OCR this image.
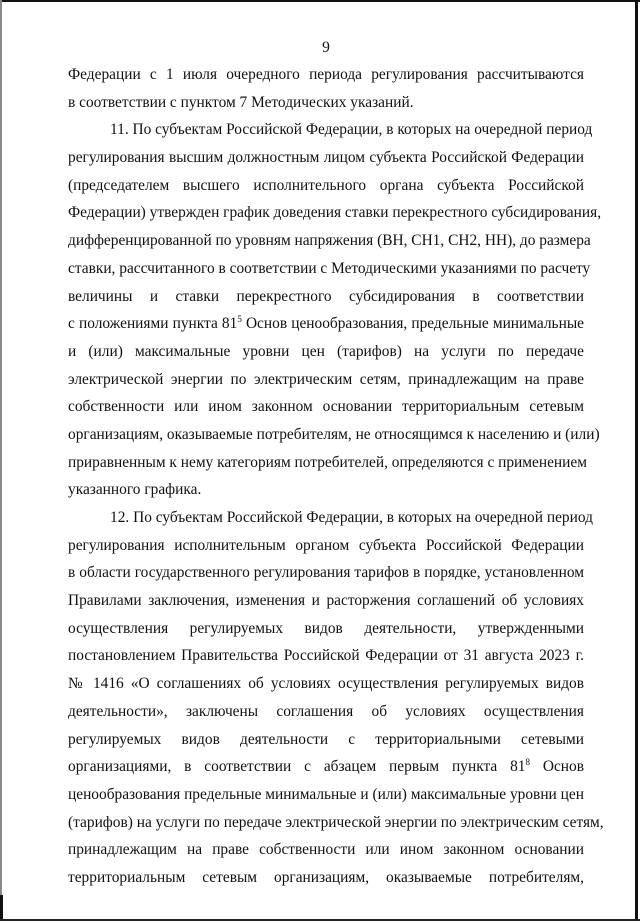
9
Федерации с 1 июля очередного периода регулирования рассчитываются
в соответствии с пунктом 7 Методических указаний.
11. По субъектам Российской Федерации, в которых на очередной период
регулирования высшим должностным лицом субъекта Российской Федерации
(председателем высшего исполнительного органа субъекта Российской
Федерации) утвержден график доведения ставки перекрестного субсидирования,
дифференцированной по уровням напряжения (ВН, СН1, СН2, НН), до размера
ставки, рассчитанного в соответствии с Методическими указаниями по расчету
величины и ставки перекрестного субсидирования в соответствии
с положениями пункта $81^5$ Основ ценообразования, предельные минимальные
и (или) максимальные уровни цен (тарифов) на услуги по передаче
электрической энергии по электрическим сетям, принадлежащим на праве
собственности или ином законном основании территориальным сетевым
организациям, оказываемые потребителям, не относящимся к населению и (или)
приравненным к нему категориям потребителей, определяются с применением
указанного графика.
12. По субъектам Российской Федерации, в которых на очередной период
регулирования исполнительным органом субъекта Российской Федерации
в области государственного регулирования тарифов в порядке, установленном
Правилами заключения, изменения и расторжения соглашений об условиях
осуществления регулируемых видов деятельности, утвержденными
постановлением Правительства Российской Федерации от 31 августа 2023 г.
№ 1416 «О соглашениях об условиях осуществления регулируемых видов
деятельности», заключены соглашения об условиях осуществления
регулируемых видов деятельности с территориальными сетевыми
организациями, в соответствии с абзацем первым пункта $81^8$ Основ
ценообразования предельные минимальные и (или) максимальные уровни цен
(тарифов) на услуги по передаче электрической энергии по электрическим сетям,
принадлежащим на праве собственности или ином законном основании
территориальным сетевым организациям, оказываемые потребителям,
